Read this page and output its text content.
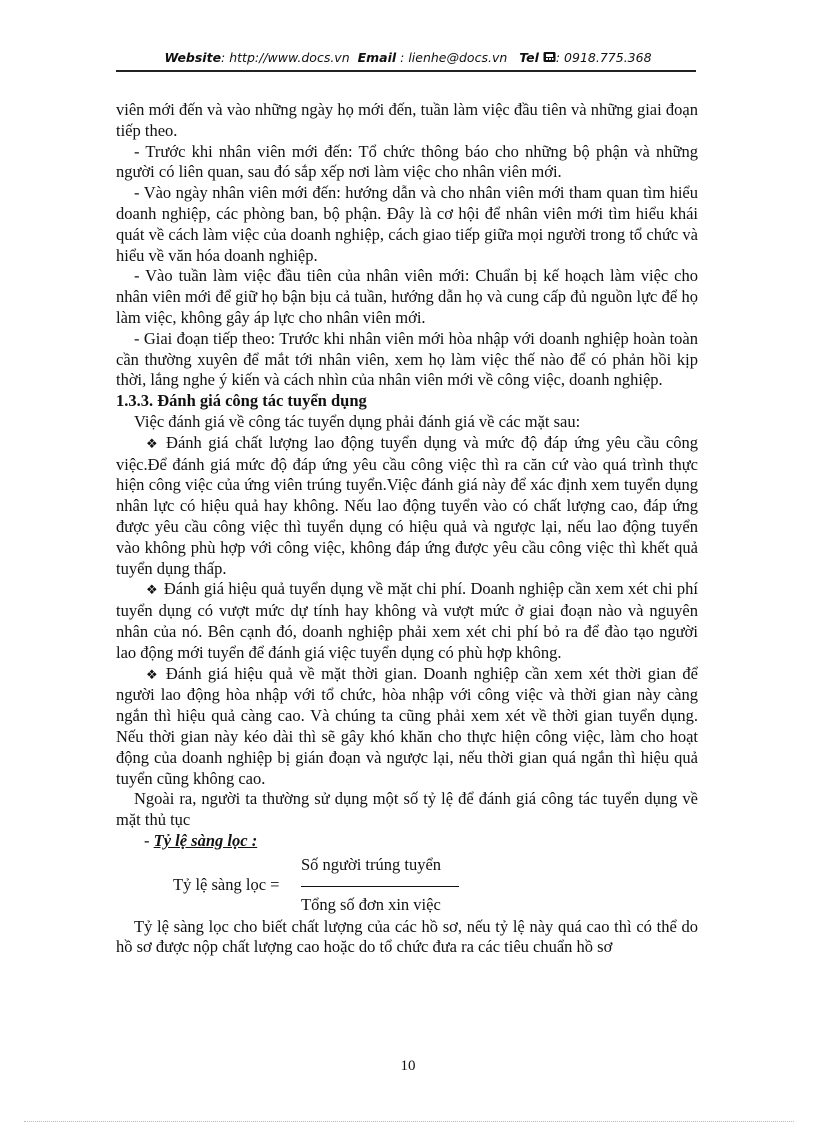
Website: http://www.docs.vn Email : lienhe@docs.vn Tel : 0918.775.368

viên mới đến và vào những ngày họ mới đến, tuần làm việc đầu tiên và những giai đoạn tiếp theo.

- Trước khi nhân viên mới đến: Tổ chức thông báo cho những bộ phận và những người có liên quan, sau đó sắp xếp nơi làm việc cho nhân viên mới.

- Vào ngày nhân viên mới đến: hướng dẫn và cho nhân viên mới tham quan tìm hiểu doanh nghiệp, các phòng ban, bộ phận. Đây là cơ hội để nhân viên mới tìm hiểu khái quát về cách làm việc của doanh nghiệp, cách giao tiếp giữa mọi người trong tổ chức và hiểu về văn hóa doanh nghiệp.

- Vào tuần làm việc đầu tiên của nhân viên mới: Chuẩn bị kế hoạch làm việc cho nhân viên mới để giữ họ bận bịu cả tuần, hướng dẫn họ và cung cấp đủ nguồn lực để họ làm việc, không gây áp lực cho nhân viên mới.

- Giai đoạn tiếp theo: Trước khi nhân viên mới hòa nhập với doanh nghiệp hoàn toàn cần thường xuyên để mắt tới nhân viên, xem họ làm việc thế nào để có phản hồi kịp thời, lắng nghe ý kiến và cách nhìn của nhân viên mới về công việc, doanh nghiệp.

1.3.3. Đánh giá công tác tuyển dụng

Việc đánh giá về công tác tuyển dụng phải đánh giá về các mặt sau:

❖ Đánh giá chất lượng lao động tuyển dụng và mức độ đáp ứng yêu cầu công việc.Để đánh giá mức độ đáp ứng yêu cầu công việc thì ra căn cứ vào quá trình thực hiện công việc của ứng viên trúng tuyển.Việc đánh giá này để xác định xem tuyển dụng nhân lực có hiệu quả hay không. Nếu lao động tuyển vào có chất lượng cao, đáp ứng được yêu cầu công việc thì tuyển dụng có hiệu quả và ngược lại, nếu lao động tuyển vào không phù hợp với công việc, không đáp ứng được yêu cầu công việc thì khết quả tuyển dụng thấp.

❖ Đánh giá hiệu quả tuyển dụng về mặt chi phí. Doanh nghiệp cần xem xét chi phí tuyển dụng có vượt mức dự tính hay không và vượt mức ở giai đoạn nào và nguyên nhân của nó. Bên cạnh đó, doanh nghiệp phải xem xét chi phí bỏ ra để đào tạo người lao động mới tuyển để đánh giá việc tuyển dụng có phù hợp không.

❖ Đánh giá hiệu quả về mặt thời gian. Doanh nghiệp cần xem xét thời gian để người lao động hòa nhập với tổ chức, hòa nhập với công việc và thời gian này càng ngắn thì hiệu quả càng cao. Và chúng ta cũng phải xem xét về thời gian tuyển dụng. Nếu thời gian này kéo dài thì sẽ gây khó khăn cho thực hiện công việc, làm cho hoạt động của doanh nghiệp bị gián đoạn và ngược lại, nếu thời gian quá ngắn thì hiệu quả tuyển cũng không cao.

Ngoài ra, người ta thường sử dụng một số tỷ lệ để đánh giá công tác tuyển dụng về mặt thủ tục

- Tỷ lệ sàng lọc :

Tỷ lệ sàng lọc =
Số người trúng tuyển
Tổng số đơn xin việc

Tỷ lệ sàng lọc cho biết chất lượng của các hồ sơ, nếu tỷ lệ này quá cao thì có thể do hồ sơ được nộp chất lượng cao hoặc do tổ chức đưa ra các tiêu chuẩn hồ sơ

10
